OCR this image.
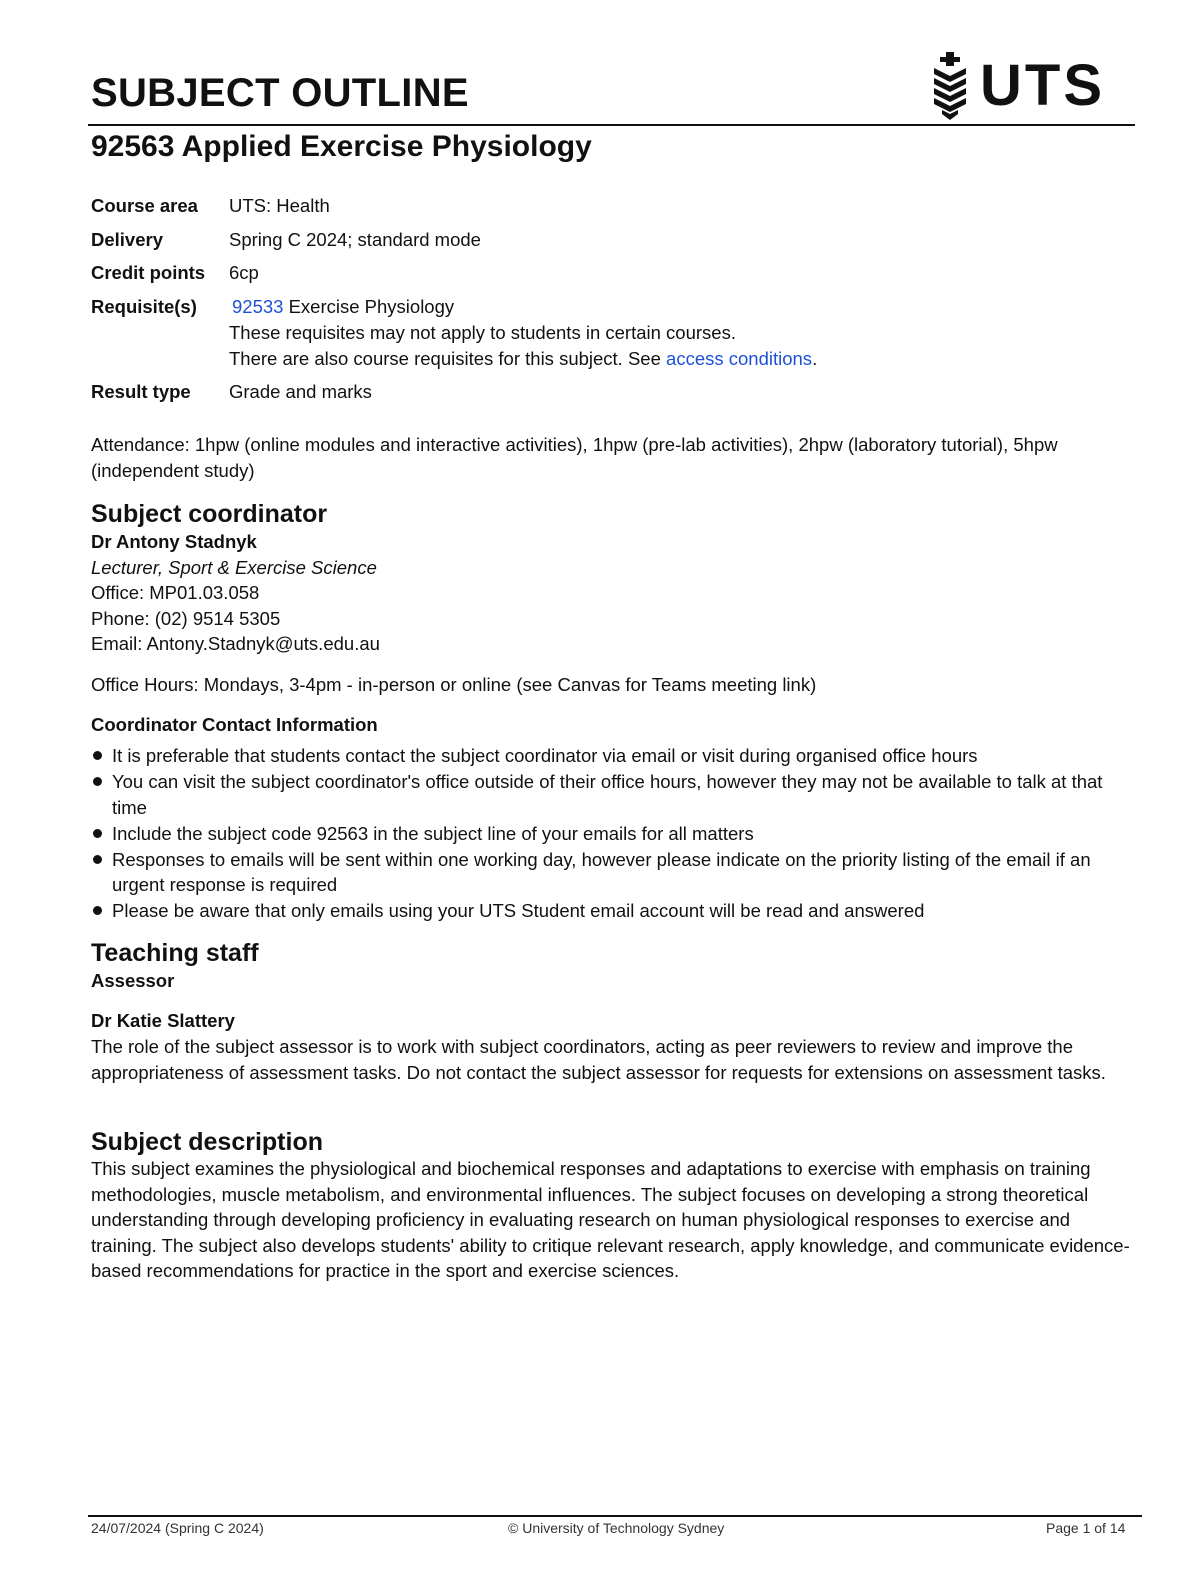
SUBJECT OUTLINE	UTS
92563 Applied Exercise Physiology
Course area	UTS: Health
Delivery	Spring C 2024; standard mode
Credit points	6cp
Requisite(s)	92533 Exercise Physiology
These requisites may not apply to students in certain courses.
There are also course requisites for this subject. See access conditions.
Result type	Grade and marks
Attendance: 1hpw (online modules and interactive activities), 1hpw (pre-lab activities), 2hpw (laboratory tutorial), 5hpw (independent study)
Subject coordinator
Dr Antony Stadnyk
Lecturer, Sport & Exercise Science
Office: MP01.03.058
Phone: (02) 9514 5305
Email: Antony.Stadnyk@uts.edu.au
Office Hours: Mondays, 3-4pm - in-person or online (see Canvas for Teams meeting link)
Coordinator Contact Information
It is preferable that students contact the subject coordinator via email or visit during organised office hours
You can visit the subject coordinator's office outside of their office hours, however they may not be available to talk at that time
Include the subject code 92563 in the subject line of your emails for all matters
Responses to emails will be sent within one working day, however please indicate on the priority listing of the email if an urgent response is required
Please be aware that only emails using your UTS Student email account will be read and answered
Teaching staff
Assessor
Dr Katie Slattery
The role of the subject assessor is to work with subject coordinators, acting as peer reviewers to review and improve the appropriateness of assessment tasks. Do not contact the subject assessor for requests for extensions on assessment tasks.
Subject description
This subject examines the physiological and biochemical responses and adaptations to exercise with emphasis on training methodologies, muscle metabolism, and environmental influences. The subject focuses on developing a strong theoretical understanding through developing proficiency in evaluating research on human physiological responses to exercise and training. The subject also develops students' ability to critique relevant research, apply knowledge, and communicate evidence-based recommendations for practice in the sport and exercise sciences.
24/07/2024 (Spring C 2024)	© University of Technology Sydney	Page 1 of 14
